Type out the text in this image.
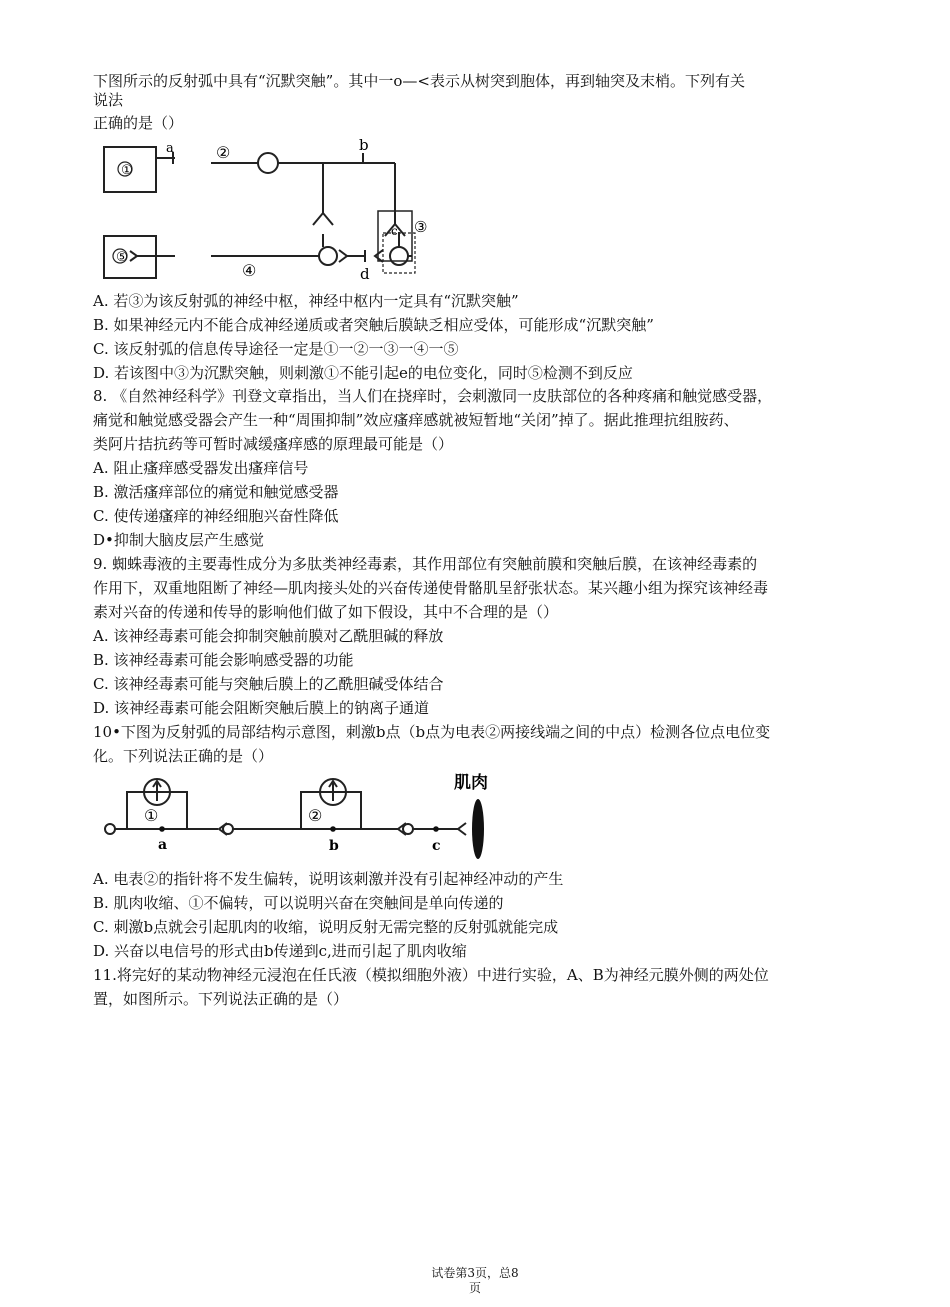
下图所示的反射弧中具有“沉默突触”。其中一o—<表示从树突到胞体，再到轴突及末梢。下列有关
说法
正确的是（）
②
①
a	b
⑤
④
c ③
d
A. 若③为该反射弧的神经中枢，神经中枢内一定具有“沉默突触”
B. 如果神经元内不能合成神经递质或者突触后膜缺乏相应受体，可能形成“沉默突触”
C. 该反射弧的信息传导途径一定是①一②一③一④一⑤
D. 若该图中③为沉默突触，则刺激①不能引起e的电位变化，同时⑤检测不到反应
8. 《自然神经科学》刊登文章指出，当人们在挠痒时，会刺激同一皮肤部位的各种疼痛和触觉感受器，
痛觉和触觉感受器会产生一种“周围抑制”效应瘙痒感就被短暂地“关闭”掉了。据此推理抗组胺药、
类阿片拮抗药等可暂时减缓瘙痒感的原理最可能是（）
A. 阻止瘙痒感受器发出瘙痒信号
B. 激活瘙痒部位的痛觉和触觉感受器
C. 使传递瘙痒的神经细胞兴奋性降低
D•抑制大脑皮层产生感觉
9. 蜘蛛毒液的主要毒性成分为多肽类神经毒素，其作用部位有突触前膜和突触后膜，在该神经毒素的
作用下，双重地阻断了神经—肌肉接头处的兴奋传递使骨骼肌呈舒张状态。某兴趣小组为探究该神经毒
素对兴奋的传递和传导的影响他们做了如下假设，其中不合理的是（）
A. 该神经毒素可能会抑制突触前膜对乙酰胆碱的释放
B. 该神经毒素可能会影响感受器的功能
C. 该神经毒素可能与突触后膜上的乙酰胆碱受体结合
D. 该神经毒素可能会阻断突触后膜上的钠离子通道
10•下图为反射弧的局部结构示意图，刺激b点（b点为电表②两接线端之间的中点）检测各位点电位变
化。下列说法正确的是（）
①	②
a	b	c
肌肉
A. 电表②的指针将不发生偏转，说明该刺激并没有引起神经冲动的产生
B. 肌肉收缩、①不偏转，可以说明兴奋在突触间是单向传递的
C. 刺激b点就会引起肌肉的收缩，说明反射无需完整的反射弧就能完成
D. 兴奋以电信号的形式由b传递到c,进而引起了肌肉收缩
11.将完好的某动物神经元浸泡在任氏液（模拟细胞外液）中进行实验，A、B为神经元膜外侧的两处位
置，如图所示。下列说法正确的是（）
试卷第3页，总8
页
